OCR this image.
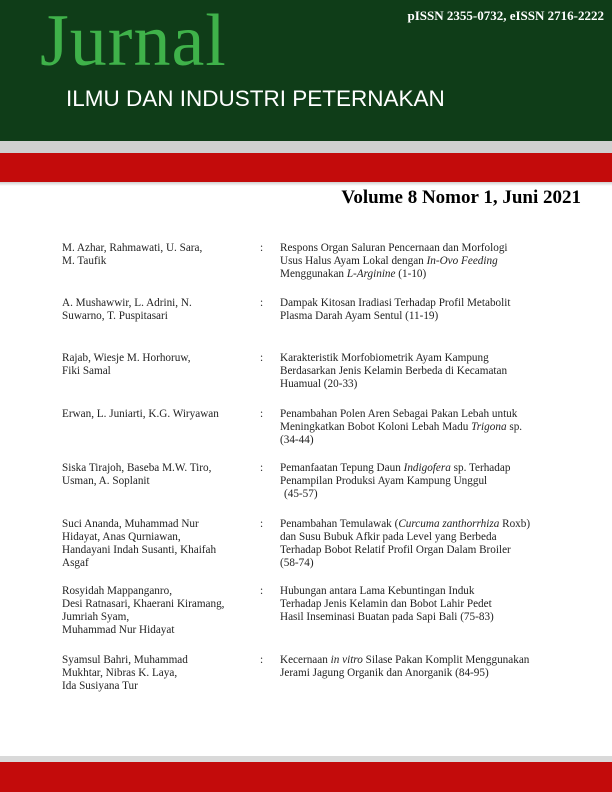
pISSN 2355-0732, eISSN 2716-2222
Jurnal
ILMU DAN INDUSTRI PETERNAKAN
Volume 8 Nomor 1, Juni 2021
M. Azhar, Rahmawati, U. Sara,
M. Taufik
:	Respons Organ Saluran Pencernaan dan Morfologi
Usus Halus Ayam Lokal dengan In-Ovo Feeding
Menggunakan L-Arginine (1-10)
A. Mushawwir, L. Adrini, N.
Suwarno, T. Puspitasari
:	Dampak Kitosan Iradiasi Terhadap Profil Metabolit
Plasma Darah Ayam Sentul (11-19)
Rajab, Wiesje M. Horhoruw,
Fiki Samal
:	Karakteristik Morfobiometrik Ayam Kampung
Berdasarkan Jenis Kelamin Berbeda di Kecamatan
Huamual (20-33)
Erwan, L. Juniarti, K.G. Wiryawan	:	Penambahan Polen Aren Sebagai Pakan Lebah untuk
Meningkatkan Bobot Koloni Lebah Madu Trigona sp.
(34-44)
Siska Tirajoh, Baseba M.W. Tiro,
Usman, A. Soplanit
:	Pemanfaatan Tepung Daun Indigofera sp. Terhadap
Penampilan Produksi Ayam Kampung Unggul
(45-57)
Suci Ananda, Muhammad Nur
Hidayat, Anas Qurniawan,
Handayani Indah Susanti, Khaifah
Asgaf
:	Penambahan Temulawak (Curcuma zanthorrhiza Roxb)
dan Susu Bubuk Afkir pada Level yang Berbeda
Terhadap Bobot Relatif Profil Organ Dalam Broiler
(58-74)
Rosyidah Mappanganro,
Desi Ratnasari, Khaerani Kiramang,
Jumriah Syam,
Muhammad Nur Hidayat
:	Hubungan antara Lama Kebuntingan Induk
Terhadap Jenis Kelamin dan Bobot Lahir Pedet
Hasil Inseminasi Buatan pada Sapi Bali (75-83)
Syamsul Bahri, Muhammad
Mukhtar, Nibras K. Laya,
Ida Susiyana Tur
:	Kecernaan in vitro Silase Pakan Komplit Menggunakan
Jerami Jagung Organik dan Anorganik (84-95)
